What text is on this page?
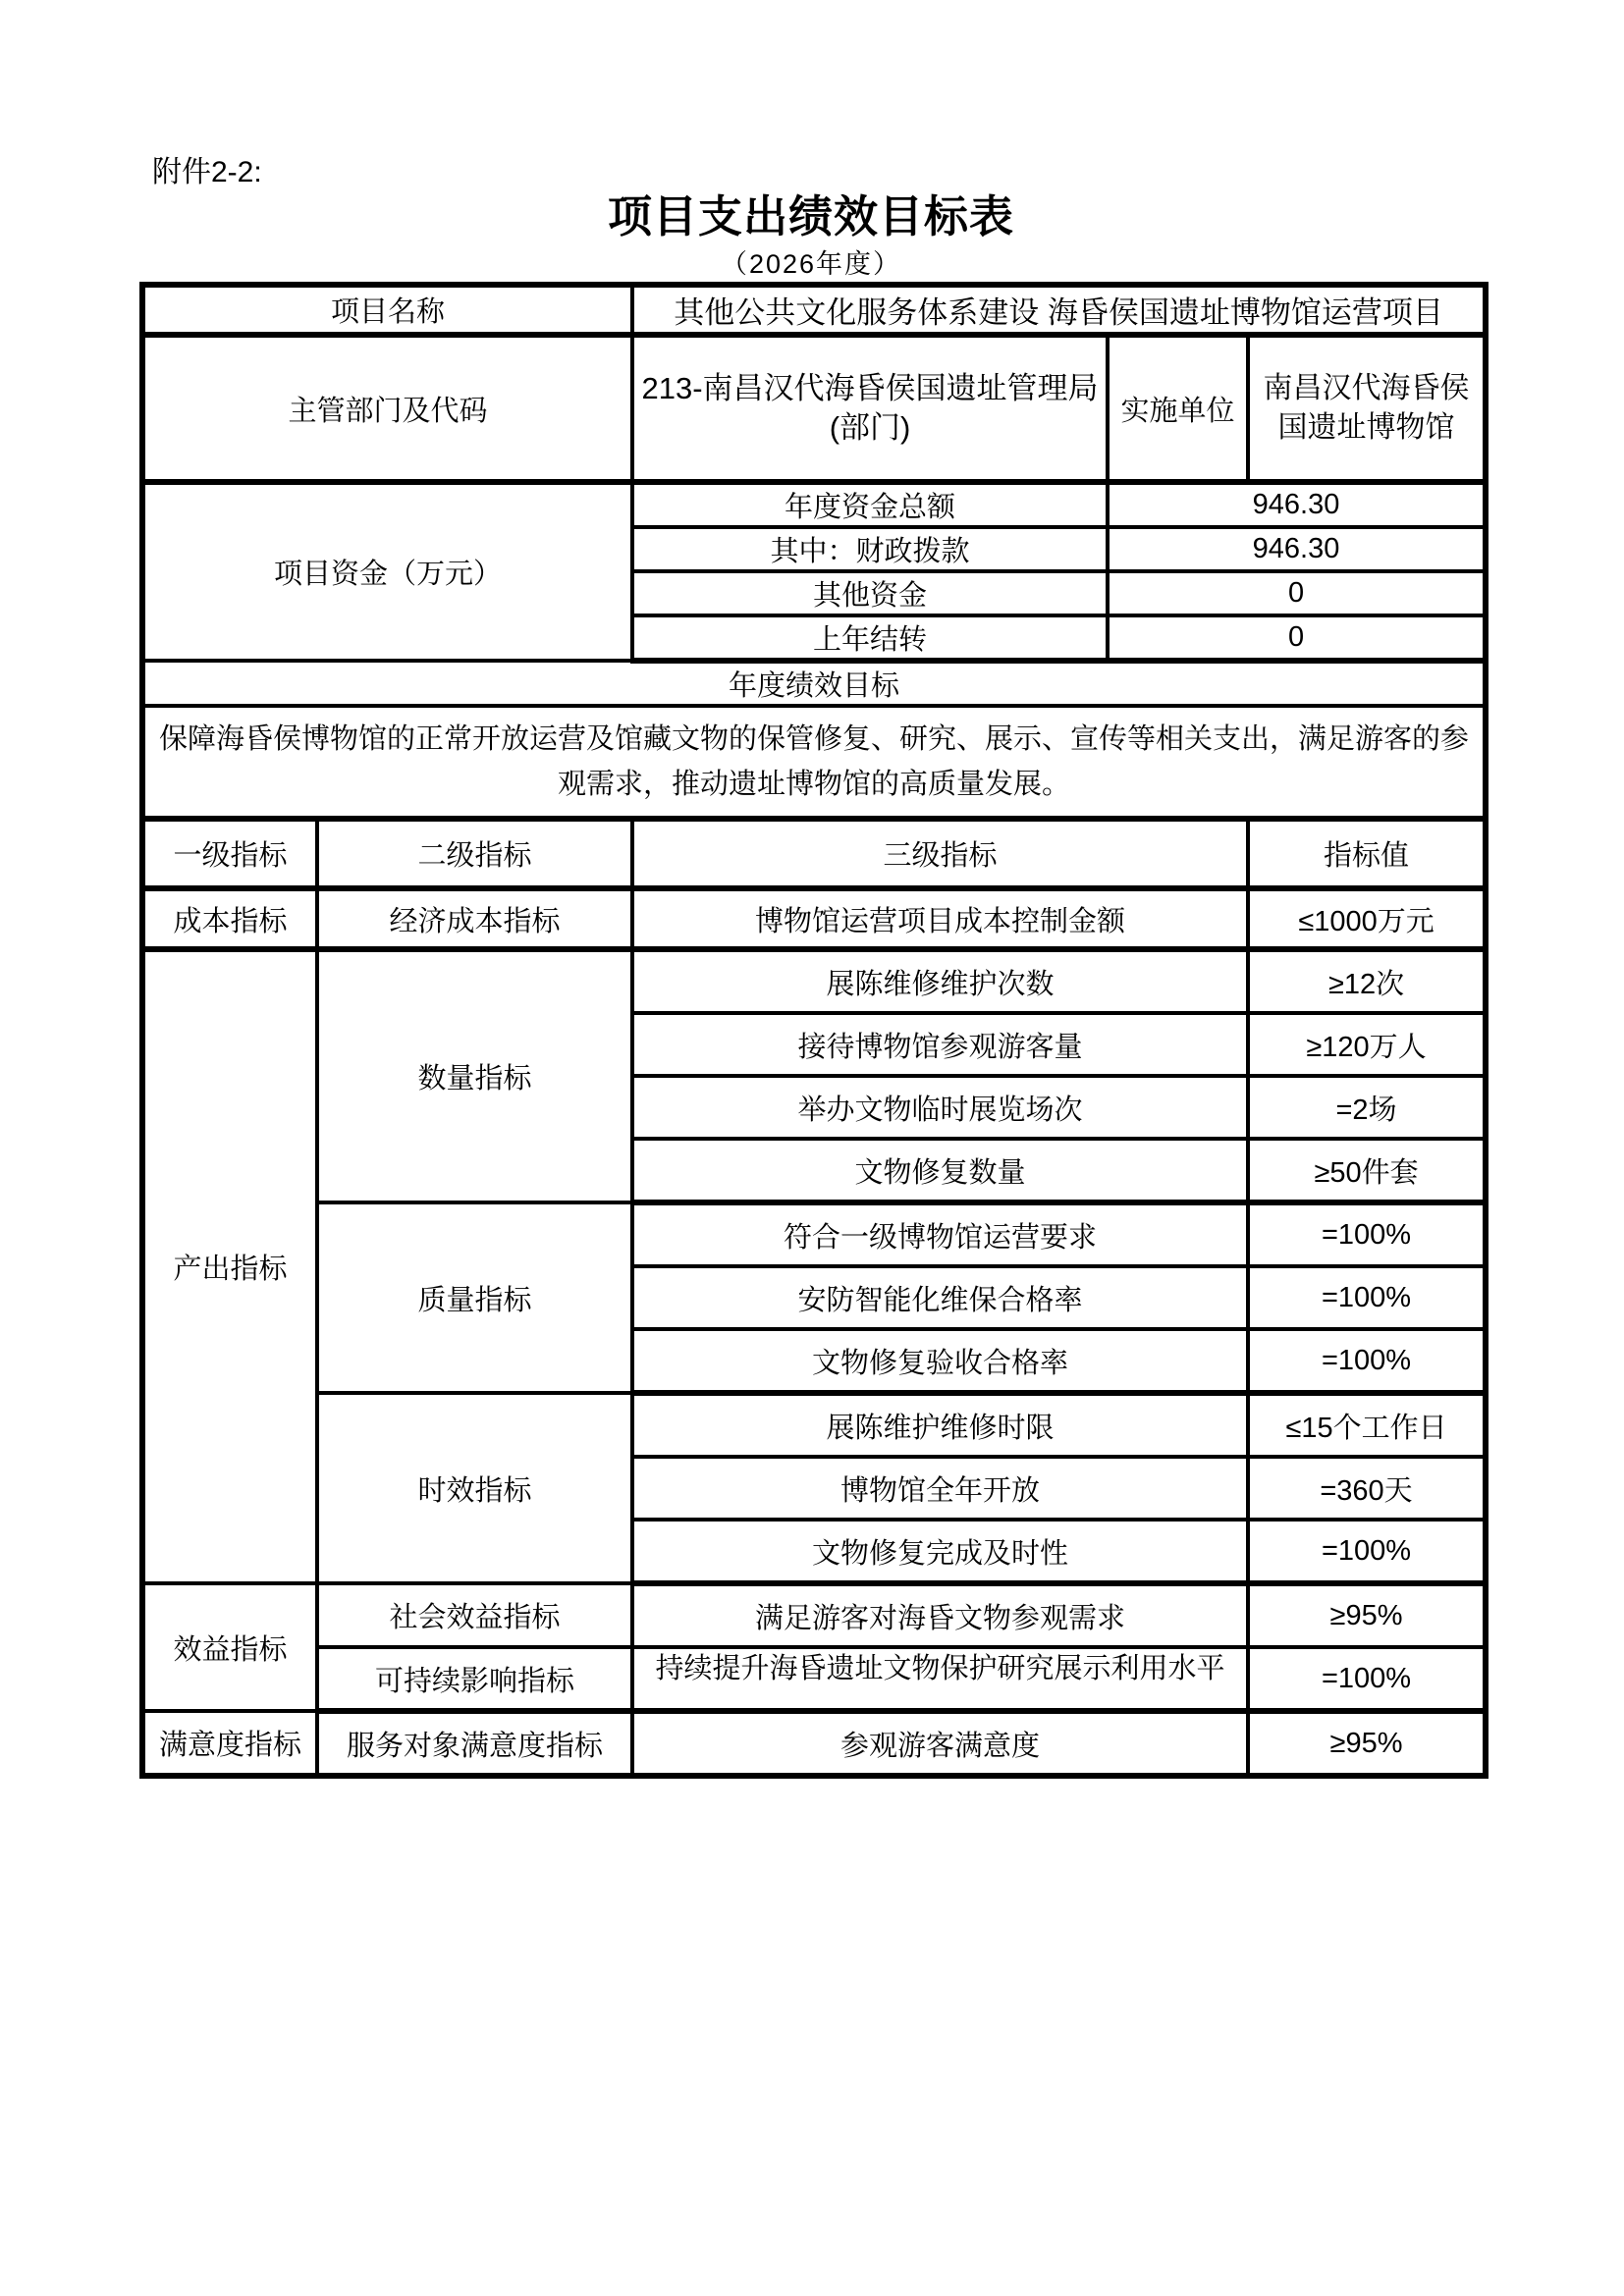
附件2-2:
项目支出绩效目标表
（2026年度）
项目名称		其他公共文化服务体系建设 海昏侯国遗址博物馆运营项目		
主管部门及代码		213-南昌汉代海昏侯国遗址管理局(部门)	实施单位	南昌汉代海昏侯国遗址博物馆
项目资金（万元）		年度资金总额	946.30	
		其中：财政拨款	946.30	
		其他资金	0	
		上年结转	0	
年度绩效目标				
保障海昏侯博物馆的正常开放运营及馆藏文物的保管修复、研究、展示、宣传等相关支出，满足游客的参观需求，推动遗址博物馆的高质量发展。				
一级指标	二级指标	三级指标		指标值
成本指标	经济成本指标	博物馆运营项目成本控制金额		≤1000万元
产出指标	数量指标	展陈维修维护次数		≥12次
		接待博物馆参观游客量		≥120万人
		举办文物临时展览场次		=2场
		文物修复数量		≥50件套
	质量指标	符合一级博物馆运营要求		=100%
		安防智能化维保合格率		=100%
		文物修复验收合格率		=100%
	时效指标	展陈维护维修时限		≤15个工作日
		博物馆全年开放		=360天
		文物修复完成及时性		=100%
效益指标	社会效益指标	满足游客对海昏文物参观需求		≥95%
	可持续影响指标	持续提升海昏遗址文物保护研究展示利用水平		=100%
满意度指标	服务对象满意度指标	参观游客满意度		≥95%
